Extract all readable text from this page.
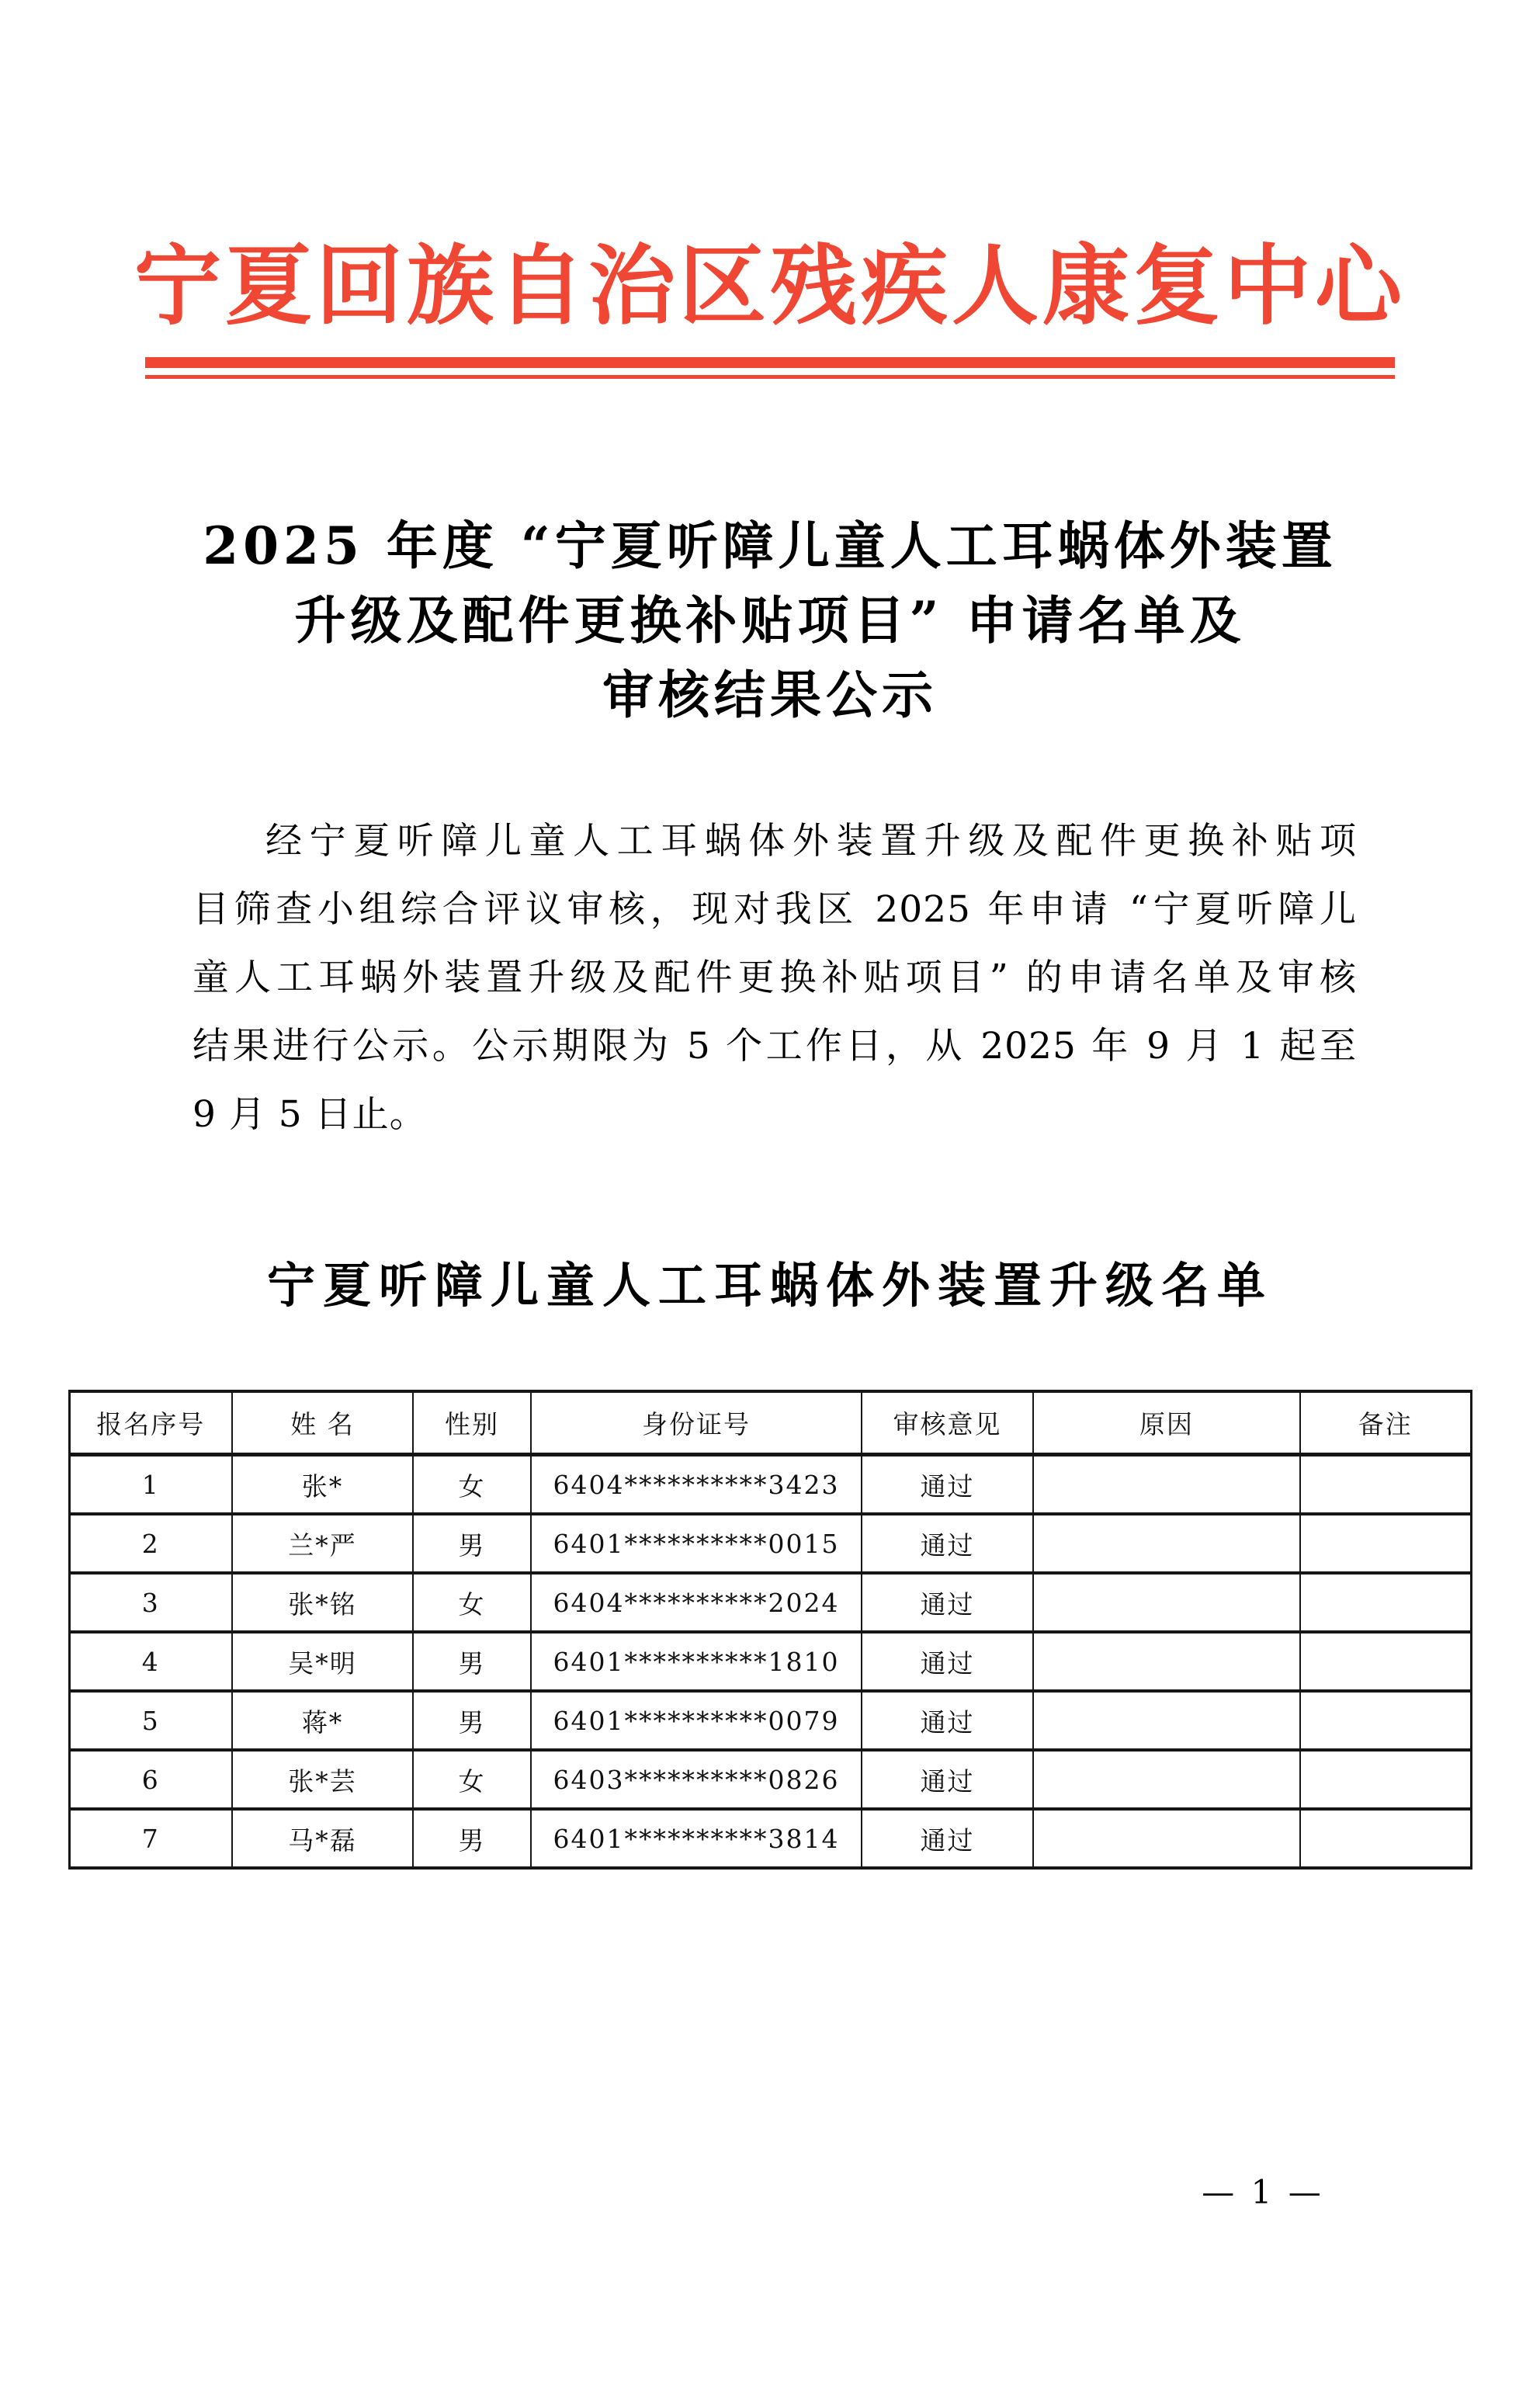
宁夏回族自治区残疾人康复中心
2025 年度 “宁夏听障儿童人工耳蜗体外装置
升级及配件更换补贴项目” 申请名单及
审核结果公示
经宁夏听障儿童人工耳蜗体外装置升级及配件更换补贴项
目筛查小组综合评议审核，现对我区 2025 年申请 “宁夏听障儿
童人工耳蜗外装置升级及配件更换补贴项目” 的申请名单及审核
结果进行公示。公示期限为 5 个工作日，从 2025 年 9 月 1 起至
9 月 5 日止。
宁夏听障儿童人工耳蜗体外装置升级名单
报名序号	姓 名	性别	身份证号	审核意见	原因	备注
1	张*	女	6404**********3423	通过		
2	兰*严	男	6401**********0015	通过		
3	张*铭	女	6404**********2024	通过		
4	吴*明	男	6401**********1810	通过		
5	蒋*	男	6401**********0079	通过		
6	张*芸	女	6403**********0826	通过		
7	马*磊	男	6401**********3814	通过		
— 1 —
